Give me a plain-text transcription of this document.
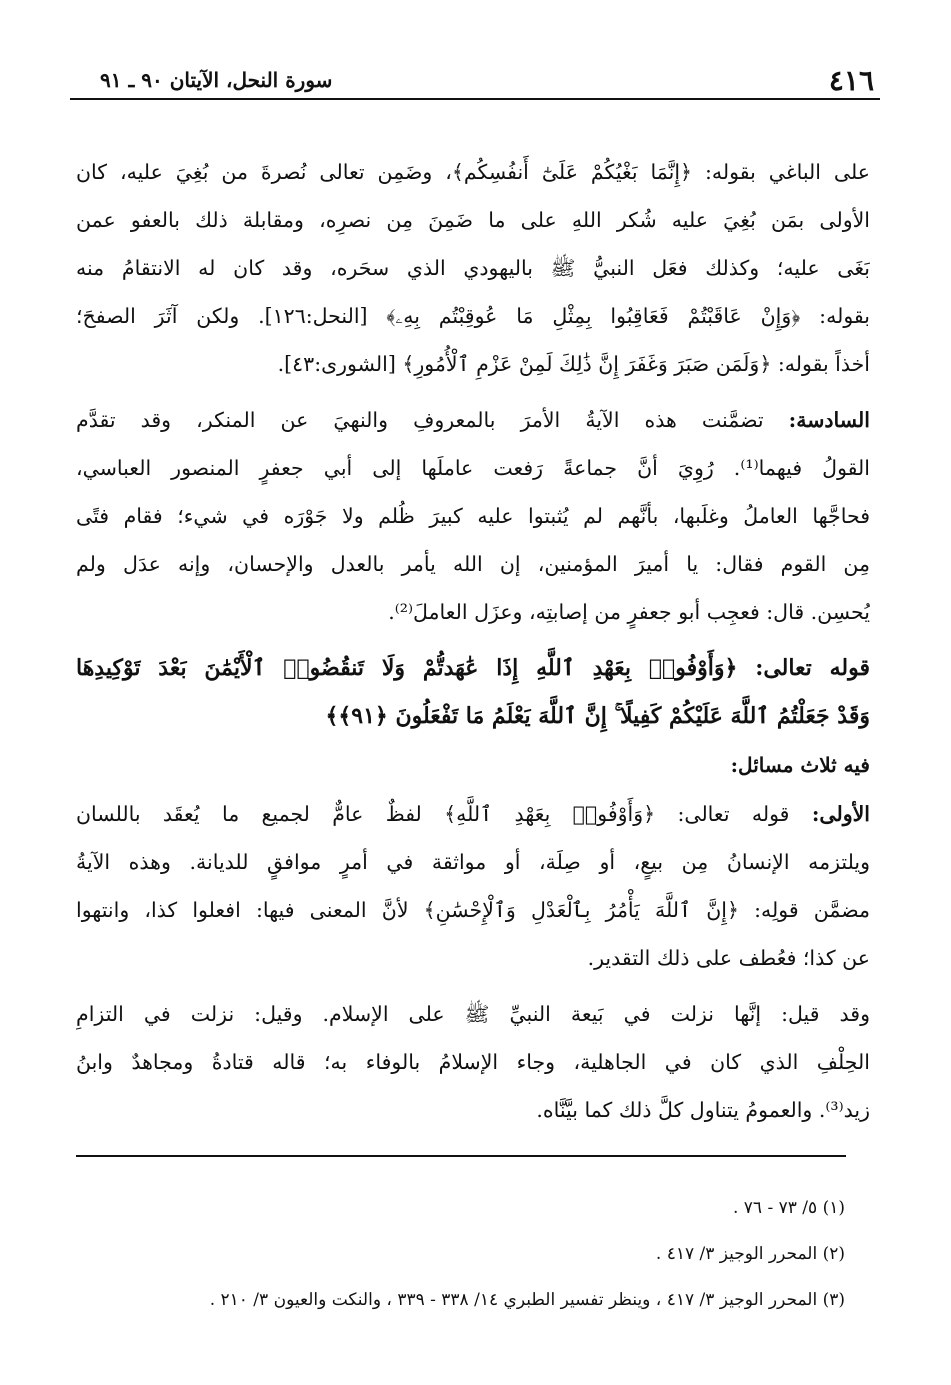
٤١٦
سورة النحل، الآيتان ٩٠ ـ ٩١
على الباغي بقوله: ﴿إِنَّمَا بَغْيُكُمْ عَلَىٰٓ أَنفُسِكُم﴾، وضَمِن تعالى نُصرةَ من بُغِيَ عليه، كان
الأولى بمَن بُغِيَ عليه شُكر اللهِ على ما ضَمِنَ مِن نصرِه، ومقابلة ذلك بالعفو عمن
بَغَى عليه؛ وكذلك فعَل النبيُّ ﷺ باليهودي الذي سحَره، وقد كان له الانتقامُ منه
بقوله: ﴿وَإِنْ عَاقَبْتُمْ فَعَاقِبُوا بِمِثْلِ مَا عُوقِبْتُم بِهِۦ﴾ [النحل:١٢٦]. ولكن آثَرَ الصفحَ؛
أخذاً بقوله: ﴿وَلَمَن صَبَرَ وَغَفَرَ إِنَّ ذَٰلِكَ لَمِنْ عَزْمِ ٱلْأُمُورِ﴾ [الشورى:٤٣].
السادسة: تضمَّنت هذه الآيةُ الأمرَ بالمعروفِ والنهيَ عن المنكر، وقد تقدَّم
القولُ فيهما⁽¹⁾. رُوِيَ أنَّ جماعةً رَفعت عاملَها إلى أبي جعفرٍ المنصور العباسي،
فحاجَّها العاملُ وغلَبها، بأنَّهم لم يُثبتوا عليه كبيرَ ظُلم ولا جَوْرَه في شيء؛ فقام فتًى
مِن القوم فقال: يا أميرَ المؤمنين، إن الله يأمر بالعدل والإحسان، وإنه عدَل ولم
يُحسِن. قال: فعجِب أبو جعفرٍ من إصابتِه، وعزَل العاملَ⁽²⁾.
قوله تعالى: ﴿وَأَوْفُوا۟ بِعَهْدِ ٱللَّهِ إِذَا عَٰهَدتُّمْ وَلَا تَنقُضُوا۟ ٱلْأَيْمَٰنَ بَعْدَ تَوْكِيدِهَا
وَقَدْ جَعَلْتُمُ ٱللَّهَ عَلَيْكُمْ كَفِيلًا ۚ إِنَّ ٱللَّهَ يَعْلَمُ مَا تَفْعَلُونَ ﴿٩١﴾﴾
فيه ثلاث مسائل:
الأولى: قوله تعالى: ﴿وَأَوْفُوا۟ بِعَهْدِ ٱللَّهِ﴾ لفظٌ عامٌّ لجميع ما يُعقَد باللسان
ويلتزمه الإنسانُ مِن بيعٍ، أو صِلَة، أو مواثقة في أمرٍ موافقٍ للديانة. وهذه الآيةُ
مضمَّن قولِه: ﴿إِنَّ ٱللَّهَ يَأْمُرُ بِٱلْعَدْلِ وَٱلْإِحْسَٰنِ﴾ لأنَّ المعنى فيها: افعلوا كذا، وانتهوا
عن كذا؛ فعُطف على ذلك التقدير.
وقد قيل: إنَّها نزلت في بَيعة النبيِّ ﷺ على الإسلام. وقيل: نزلت في التزامِ
الحِلْفِ الذي كان في الجاهلية، وجاء الإسلامُ بالوفاء به؛ قاله قتادةُ ومجاهدٌ وابنُ
زيد⁽³⁾. والعمومُ يتناول كلَّ ذلك كما بيَّنَّاه.
(١) ٥/ ٧٣ - ٧٦ .
(٢) المحرر الوجيز ٣/ ٤١٧ .
(٣) المحرر الوجيز ٣/ ٤١٧ ، وينظر تفسير الطبري ١٤/ ٣٣٨ - ٣٣٩ ، والنكت والعيون ٣/ ٢١٠ .
